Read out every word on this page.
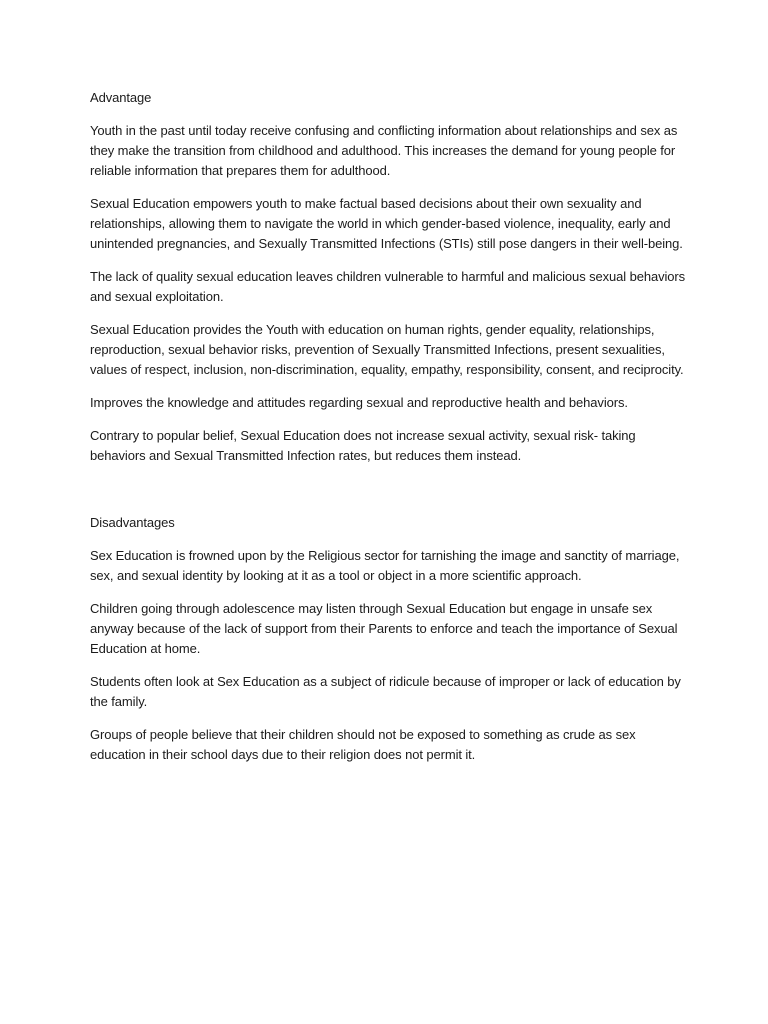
Advantage

Youth in the past until today receive confusing and conflicting information about relationships and sex as they make the transition from childhood and adulthood. This increases the demand for young people for reliable information that prepares them for adulthood.

Sexual Education empowers youth to make factual based decisions about their own sexuality and relationships, allowing them to navigate the world in which gender-based violence, inequality, early and unintended pregnancies, and Sexually Transmitted Infections (STIs) still pose dangers in their well-being.

The lack of quality sexual education leaves children vulnerable to harmful and malicious sexual behaviors and sexual exploitation.

Sexual Education provides the Youth with education on human rights, gender equality, relationships, reproduction, sexual behavior risks, prevention of Sexually Transmitted Infections, present sexualities, values of respect, inclusion, non-discrimination, equality, empathy, responsibility, consent, and reciprocity.

Improves the knowledge and attitudes regarding sexual and reproductive health and behaviors.

Contrary to popular belief, Sexual Education does not increase sexual activity, sexual risk- taking behaviors and Sexual Transmitted Infection rates, but reduces them instead.

Disadvantages

Sex Education is frowned upon by the Religious sector for tarnishing the image and sanctity of marriage, sex, and sexual identity by looking at it as a tool or object in a more scientific approach.

Children going through adolescence may listen through Sexual Education but engage in unsafe sex anyway because of the lack of support from their Parents to enforce and teach the importance of Sexual Education at home.

Students often look at Sex Education as a subject of ridicule because of improper or lack of education by the family.

Groups of people believe that their children should not be exposed to something as crude as sex education in their school days due to their religion does not permit it.
